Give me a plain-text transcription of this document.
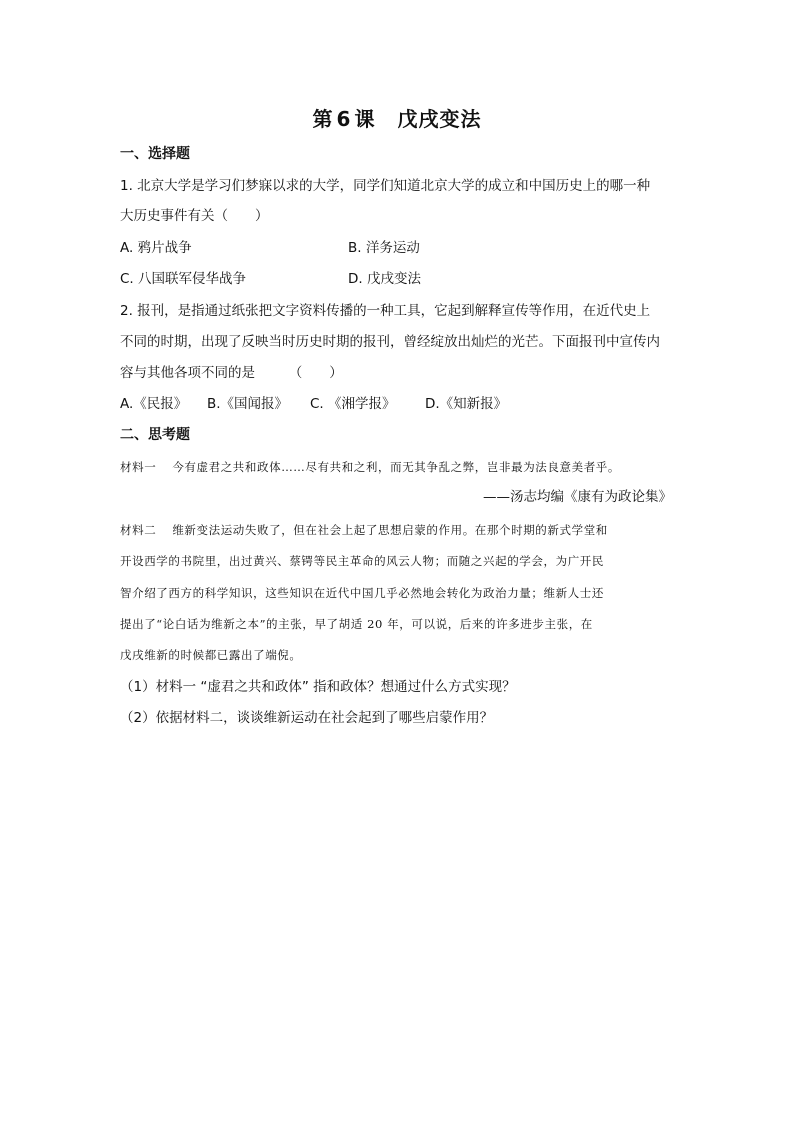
第 6 课 戊戌变法
一、选择题
1. 北京大学是学习们梦寐以求的大学，同学们知道北京大学的成立和中国历史上的哪一种
大历史事件有关（　　）
A. 鸦片战争	B. 洋务运动
C. 八国联军侵华战争	D. 戊戌变法
2. 报刊，是指通过纸张把文字资料传播的一种工具，它起到解释宣传等作用，在近代史上
不同的时期，出现了反映当时历史时期的报刊，曾经绽放出灿烂的光芒。下面报刊中宣传内
容与其他各项不同的是　　　（　　）
A.《民报》 B.《国闻报》 C. 《湘学报》 D.《知新报》
二、思考题
材料一 今有虚君之共和政体……尽有共和之利，而无其争乱之弊，岂非最为法良意美者乎。
——汤志均编《康有为政论集》
材料二 维新变法运动失败了，但在社会上起了思想启蒙的作用。在那个时期的新式学堂和
开设西学的书院里，出过黄兴、蔡锷等民主革命的风云人物；而随之兴起的学会，为广开民
智介绍了西方的科学知识，这些知识在近代中国几乎必然地会转化为政治力量；维新人士还
提出了“论白话为维新之本”的主张，早了胡适 20 年，可以说，后来的许多进步主张，在
戊戌维新的时候都已露出了端倪。
（1）材料一 “虚君之共和政体” 指和政体？想通过什么方式实现？
（2）依据材料二，谈谈维新运动在社会起到了哪些启蒙作用？
